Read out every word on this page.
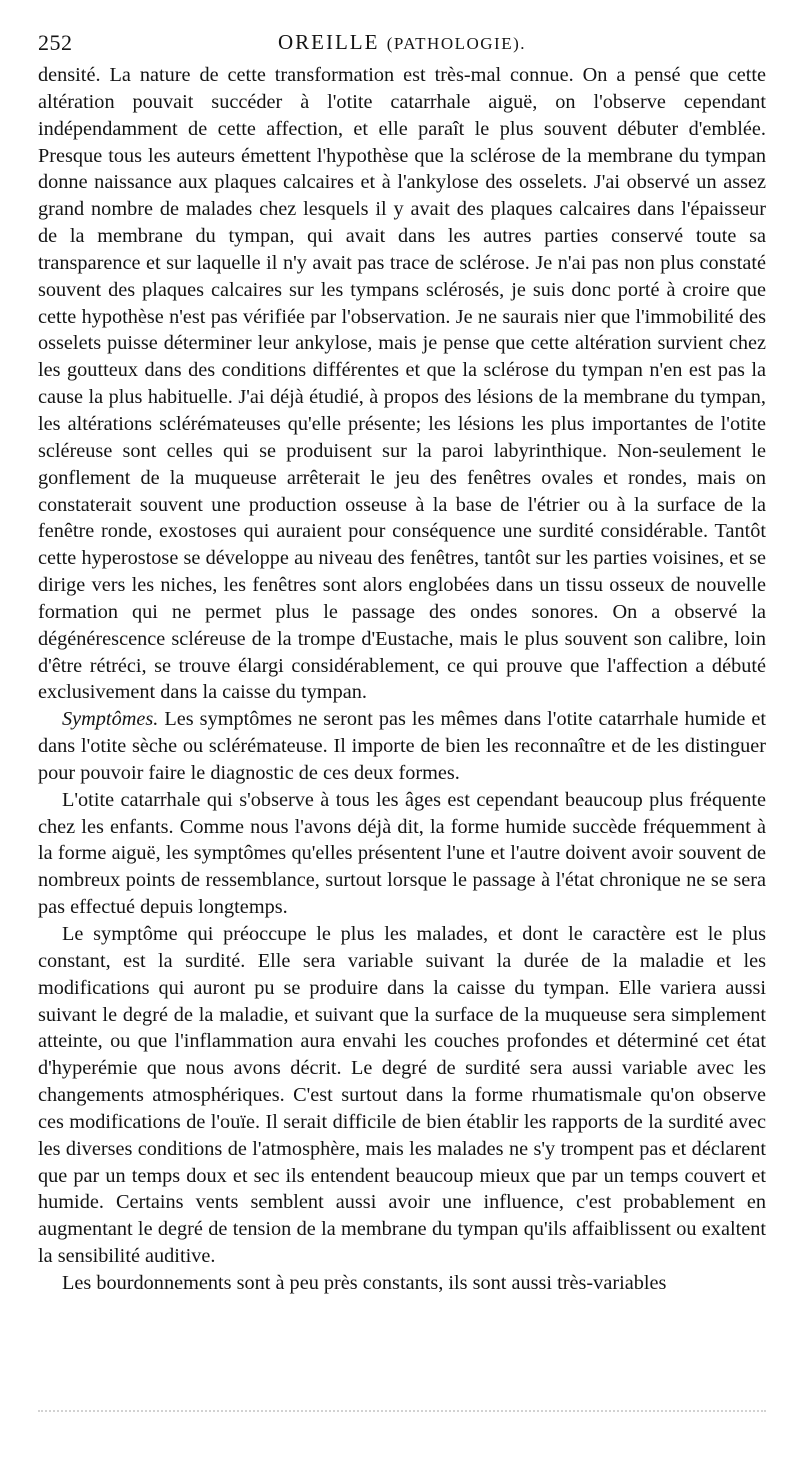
252	OREILLE (PATHOLOGIE).

densité. La nature de cette transformation est très-mal connue. On a pensé que cette altération pouvait succéder à l'otite catarrhale aiguë, on l'observe cependant indépendamment de cette affection, et elle paraît le plus souvent débuter d'emblée. Presque tous les auteurs émettent l'hypothèse que la sclérose de la membrane du tympan donne naissance aux plaques calcaires et à l'ankylose des osselets. J'ai observé un assez grand nombre de malades chez lesquels il y avait des plaques calcaires dans l'épaisseur de la membrane du tympan, qui avait dans les autres parties conservé toute sa transparence et sur laquelle il n'y avait pas trace de sclérose. Je n'ai pas non plus constaté souvent des plaques calcaires sur les tympans sclérosés, je suis donc porté à croire que cette hypothèse n'est pas vérifiée par l'observation. Je ne saurais nier que l'immobilité des osselets puisse déterminer leur ankylose, mais je pense que cette altération survient chez les goutteux dans des conditions différentes et que la sclérose du tympan n'en est pas la cause la plus habituelle. J'ai déjà étudié, à propos des lésions de la membrane du tympan, les altérations sclérémateuses qu'elle présente; les lésions les plus importantes de l'otite scléreuse sont celles qui se produisent sur la paroi labyrinthique. Non-seulement le gonflement de la muqueuse arrêterait le jeu des fenêtres ovales et rondes, mais on constaterait souvent une production osseuse à la base de l'étrier ou à la surface de la fenêtre ronde, exostoses qui auraient pour conséquence une surdité considérable. Tantôt cette hyperostose se développe au niveau des fenêtres, tantôt sur les parties voisines, et se dirige vers les niches, les fenêtres sont alors englobées dans un tissu osseux de nouvelle formation qui ne permet plus le passage des ondes sonores. On a observé la dégénérescence scléreuse de la trompe d'Eustache, mais le plus souvent son calibre, loin d'être rétréci, se trouve élargi considérablement, ce qui prouve que l'affection a débuté exclusivement dans la caisse du tympan.

Symptômes. Les symptômes ne seront pas les mêmes dans l'otite catarrhale humide et dans l'otite sèche ou sclérémateuse. Il importe de bien les reconnaître et de les distinguer pour pouvoir faire le diagnostic de ces deux formes.

L'otite catarrhale qui s'observe à tous les âges est cependant beaucoup plus fréquente chez les enfants. Comme nous l'avons déjà dit, la forme humide succède fréquemment à la forme aiguë, les symptômes qu'elles présentent l'une et l'autre doivent avoir souvent de nombreux points de ressemblance, surtout lorsque le passage à l'état chronique ne se sera pas effectué depuis longtemps.

Le symptôme qui préoccupe le plus les malades, et dont le caractère est le plus constant, est la surdité. Elle sera variable suivant la durée de la maladie et les modifications qui auront pu se produire dans la caisse du tympan. Elle variera aussi suivant le degré de la maladie, et suivant que la surface de la muqueuse sera simplement atteinte, ou que l'inflammation aura envahi les couches profondes et déterminé cet état d'hyperémie que nous avons décrit. Le degré de surdité sera aussi variable avec les changements atmosphériques. C'est surtout dans la forme rhumatismale qu'on observe ces modifications de l'ouïe. Il serait difficile de bien établir les rapports de la surdité avec les diverses conditions de l'atmosphère, mais les malades ne s'y trompent pas et déclarent que par un temps doux et sec ils entendent beaucoup mieux que par un temps couvert et humide. Certains vents semblent aussi avoir une influence, c'est probablement en augmentant le degré de tension de la membrane du tympan qu'ils affaiblissent ou exaltent la sensibilité auditive.

Les bourdonnements sont à peu près constants, ils sont aussi très-variables
